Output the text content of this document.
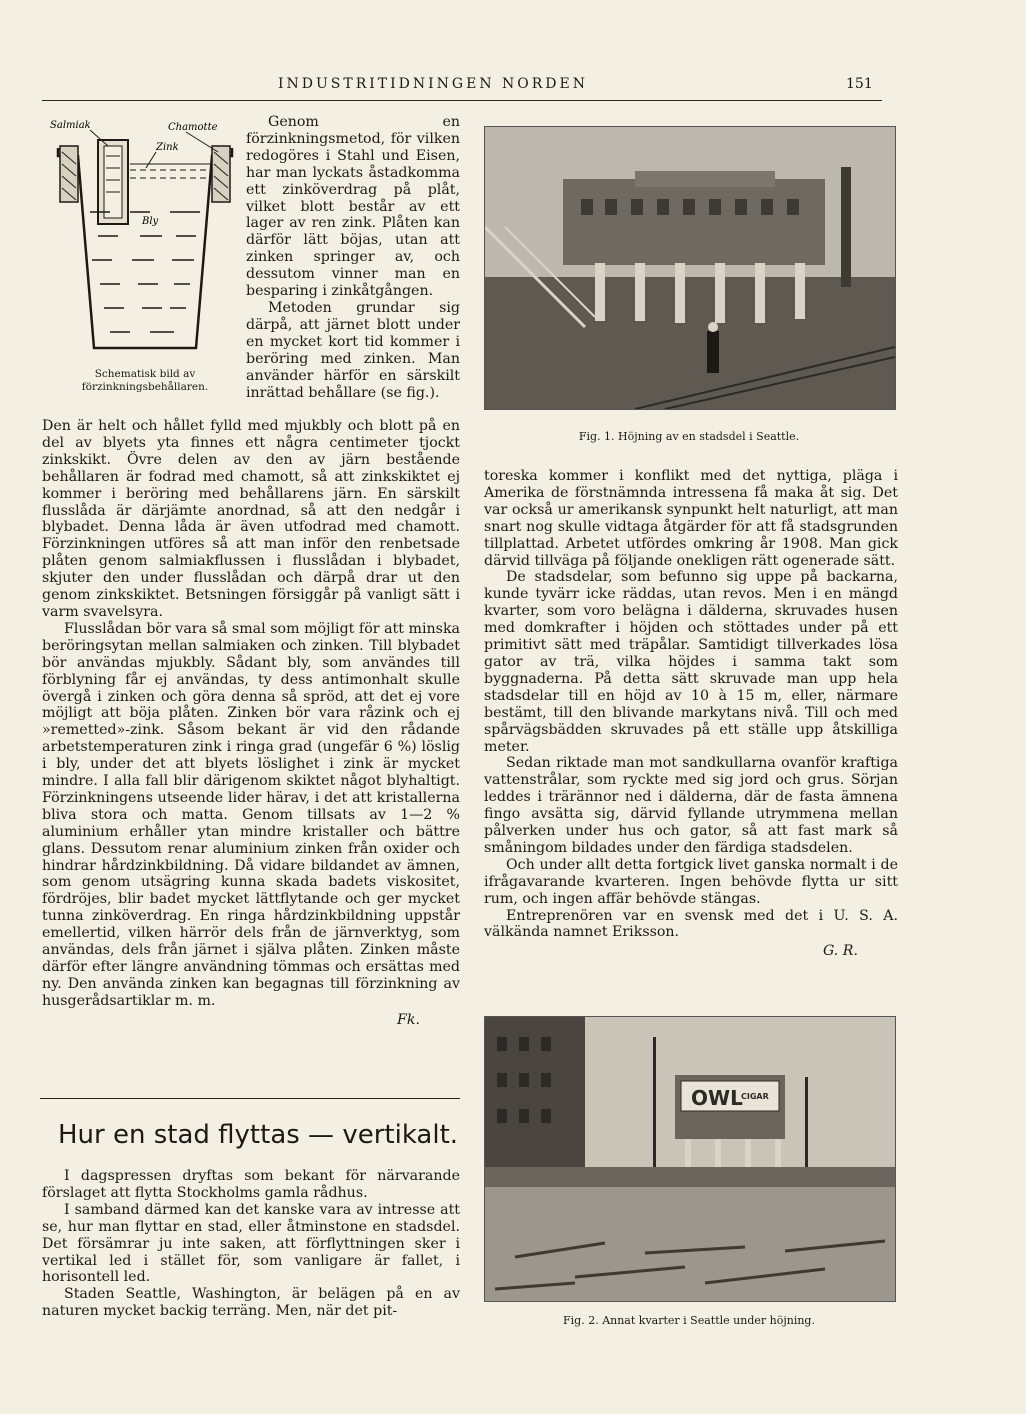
INDUSTRITIDNINGEN NORDEN	151
Salmiak	Chamotte
Zink
Bly
Schematisk bild av förzinkningsbehållaren.

Genom en förzinkningsmetod, för vilken redogöres i Stahl und Eisen, har man lyckats åstadkomma ett zinköverdrag på plåt, vilket blott består av ett lager av ren zink. Plåten kan därför lätt böjas, utan att zinken springer av, och dessutom vinner man en besparing i zinkåtgången.

Metoden grundar sig därpå, att järnet blott under en mycket kort tid kommer i beröring med zinken. Man använder härför en särskilt inrättad behållare (se fig.).

Den är helt och hållet fylld med mjukbly och blott på en del av blyets yta finnes ett några centimeter tjockt zinkskikt. Övre delen av den av järn bestående behållaren är fodrad med chamott, så att zinkskiktet ej kommer i beröring med behållarens järn. En särskilt flusslåda är därjämte anordnad, så att den nedgår i blybadet. Denna låda är även utfodrad med chamott. Förzinkningen utföres så att man inför den renbetsade plåten genom salmiakflussen i flusslådan i blybadet, skjuter den under flusslådan och därpå drar ut den genom zinkskiktet. Betsningen försiggår på vanligt sätt i varm svavelsyra.

Flusslådan bör vara så smal som möjligt för att minska beröringsytan mellan salmiaken och zinken. Till blybadet bör användas mjukbly. Sådant bly, som användes till förblyning får ej användas, ty dess antimonhalt skulle övergå i zinken och göra denna så spröd, att det ej vore möjligt att böja plåten. Zinken bör vara råzink och ej »remetted»-zink. Såsom bekant är vid den rådande arbetstemperaturen zink i ringa grad (ungefär 6 %) löslig i bly, under det att blyets löslighet i zink är mycket mindre. I alla fall blir därigenom skiktet något blyhaltigt. Förzinkningens utseende lider härav, i det att kristallerna bliva stora och matta. Genom tillsats av 1—2 % aluminium erhåller ytan mindre kristaller och bättre glans. Dessutom renar aluminium zinken från oxider och hindrar hårdzinkbildning. Då vidare bildandet av ämnen, som genom utsägring kunna skada badets viskositet, fördröjes, blir badet mycket lättflytande och ger mycket tunna zinköverdrag. En ringa hårdzinkbildning uppstår emellertid, vilken härrör dels från de järnverktyg, som användas, dels från järnet i själva plåten. Zinken måste därför efter längre användning tömmas och ersättas med ny. Den använda zinken kan begagnas till förzinkning av husgerådsartiklar m. m.

Fk.

Hur en stad flyttas — vertikalt.

I dagspressen dryftas som bekant för närvarande förslaget att flytta Stockholms gamla rådhus.

I samband därmed kan det kanske vara av intresse att se, hur man flyttar en stad, eller åtminstone en stadsdel. Det försämrar ju inte saken, att förflyttningen sker i vertikal led i stället för, som vanligare är fallet, i horisontell led.

Staden Seattle, Washington, är belägen på en av naturen mycket backig terräng. Men, när det pit-

Fig. 1. Höjning av en stadsdel i Seattle.

toreska kommer i konflikt med det nyttiga, pläga i Amerika de förstnämnda intressena få maka åt sig. Det var också ur amerikansk synpunkt helt naturligt, att man snart nog skulle vidtaga åtgärder för att få stadsgrunden tillplattad. Arbetet utfördes omkring år 1908. Man gick därvid tillväga på följande onekligen rätt ogenerade sätt.

De stadsdelar, som befunno sig uppe på backarna, kunde tyvärr icke räddas, utan revos. Men i en mängd kvarter, som voro belägna i dälderna, skruvades husen med domkrafter i höjden och stöttades under på ett primitivt sätt med träpålar. Samtidigt tillverkades lösa gator av trä, vilka höjdes i samma takt som byggnaderna. På detta sätt skruvade man upp hela stadsdelar till en höjd av 10 à 15 m, eller, närmare bestämt, till den blivande markytans nivå. Till och med spårvägsbädden skruvades på ett ställe upp åtskilliga meter.

Sedan riktade man mot sandkullarna ovanför kraftiga vattenstrålar, som ryckte med sig jord och grus. Sörjan leddes i trärännor ned i dälderna, där de fasta ämnena fingo avsätta sig, därvid fyllande utrymmena mellan pålverken under hus och gator, så att fast mark så småningom bildades under den färdiga stadsdelen.

Och under allt detta fortgick livet ganska normalt i de ifrågavarande kvarteren. Ingen behövde flytta ur sitt rum, och ingen affär behövde stängas.

Entreprenören var en svensk med det i U. S. A. välkända namnet Eriksson.

G. R.

OWL
CIGAR
Fig. 2. Annat kvarter i Seattle under höjning.
